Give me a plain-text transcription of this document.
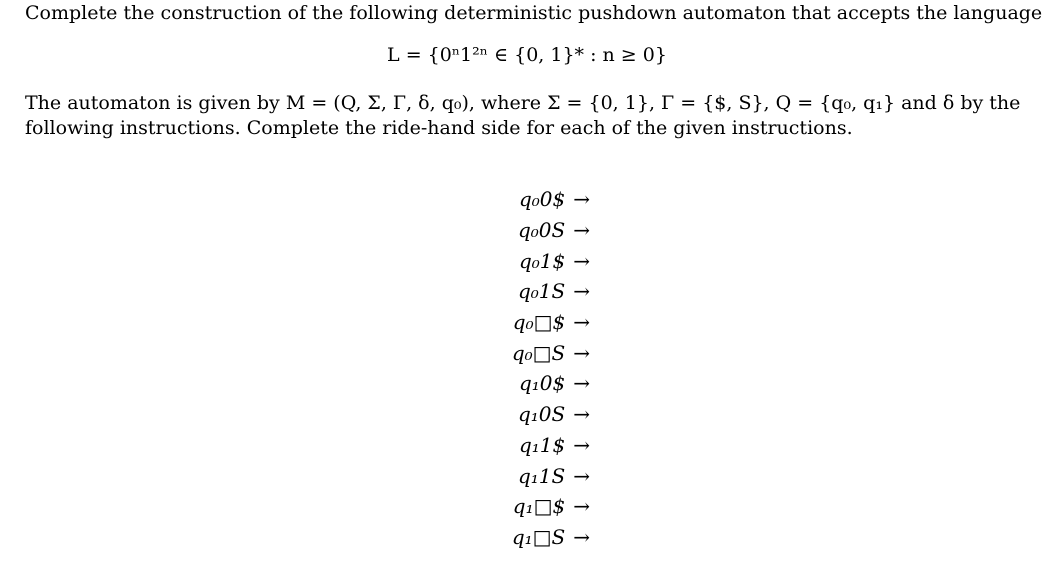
Complete the construction of the following deterministic pushdown automaton that accepts the language
L = {0ⁿ1²ⁿ ∈ {0, 1}* : n ≥ 0}
The automaton is given by M = (Q, Σ, Γ, δ, q₀), where Σ = {0, 1}, Γ = {$, S}, Q = {q₀, q₁} and δ by the
following instructions. Complete the ride-hand side for each of the given instructions.
q₀0$ →
q₀0S →
q₀1$ →
q₀1S →
q₀□$ →
q₀□S →
q₁0$ →
q₁0S →
q₁1$ →
q₁1S →
q₁□$ →
q₁□S →
